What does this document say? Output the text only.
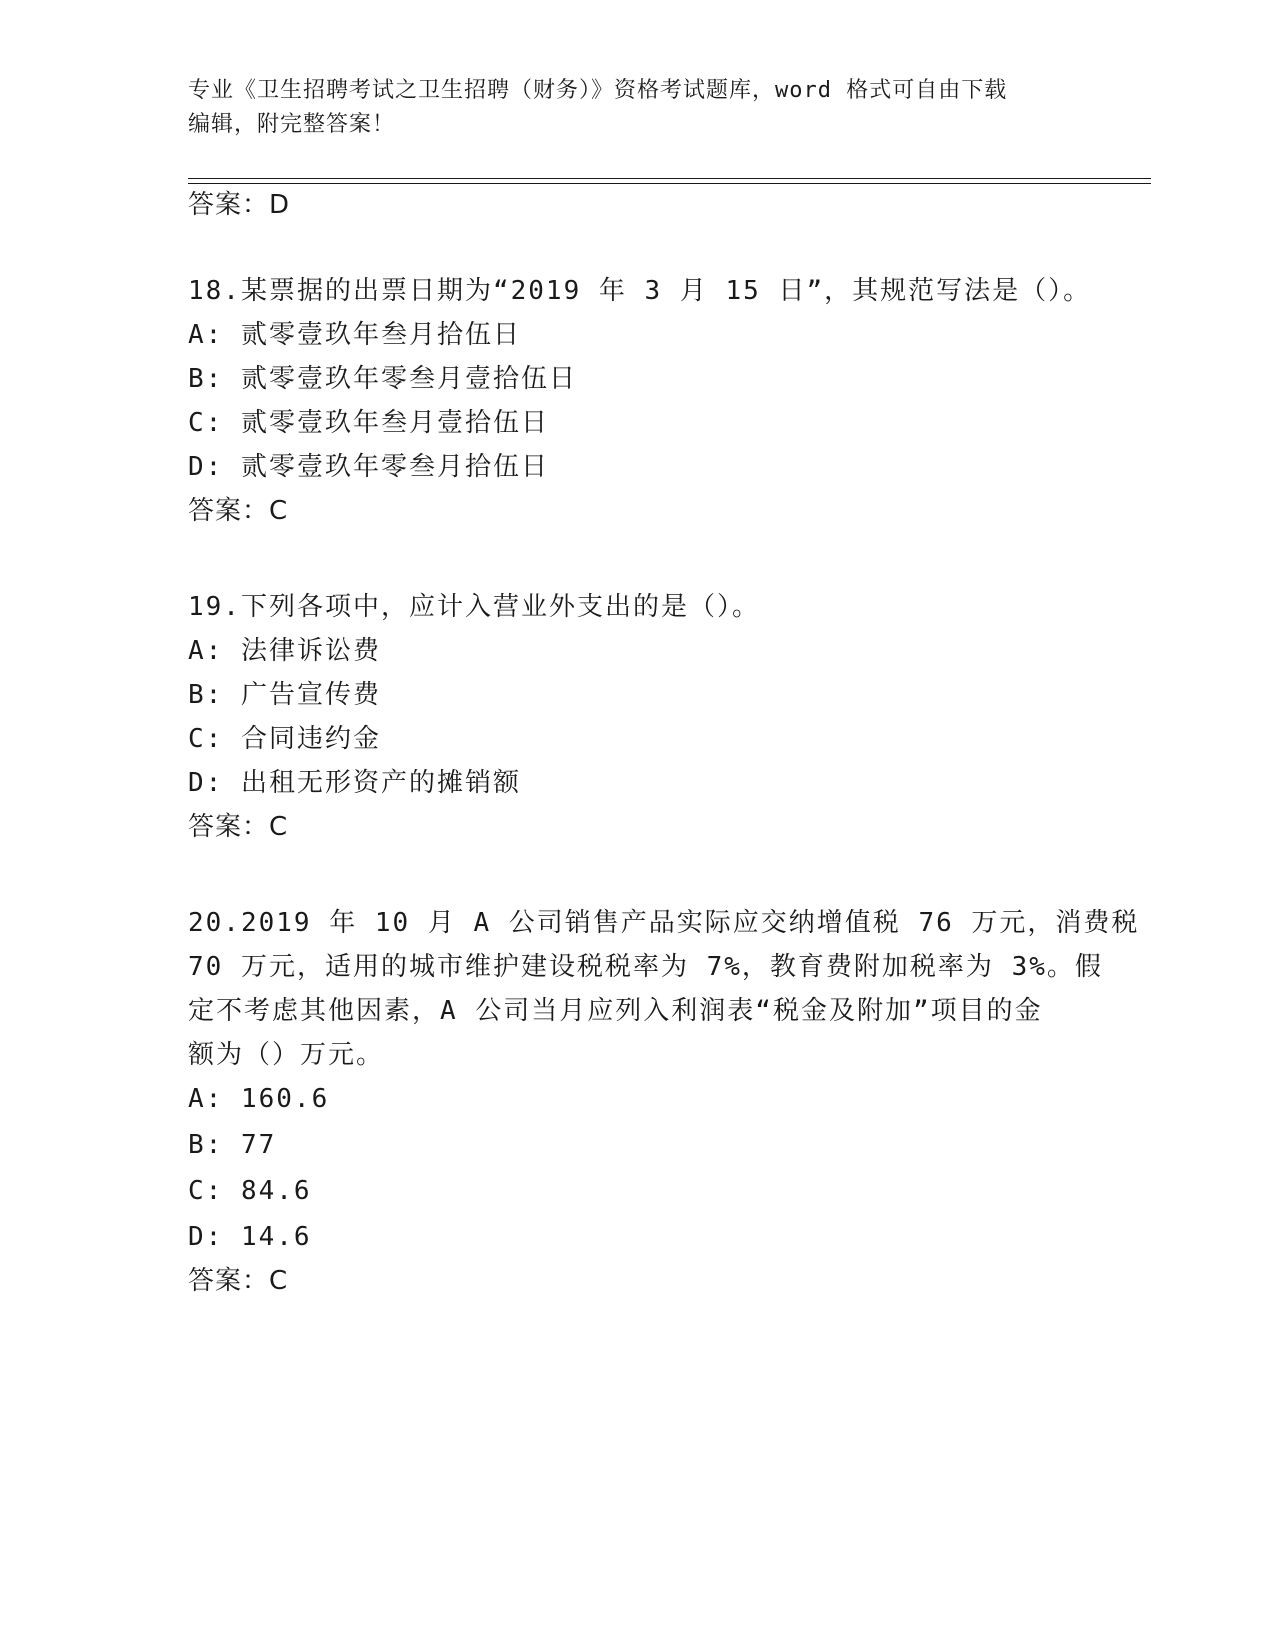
专业《卫生招聘考试之卫生招聘（财务）》资格考试题库，word 格式可自由下载
编辑，附完整答案！
答案：D
18.某票据的出票日期为“2019 年 3 月 15 日”，其规范写法是（）。
A: 贰零壹玖年叁月拾伍日
B: 贰零壹玖年零叁月壹拾伍日
C: 贰零壹玖年叁月壹拾伍日
D: 贰零壹玖年零叁月拾伍日
答案：C
19.下列各项中，应计入营业外支出的是（）。
A: 法律诉讼费
B: 广告宣传费
C: 合同违约金
D: 出租无形资产的摊销额
答案：C
20.2019 年 10 月 A 公司销售产品实际应交纳增值税 76 万元，消费税
70 万元，适用的城市维护建设税税率为 7%，教育费附加税率为 3%。假
定不考虑其他因素，A 公司当月应列入利润表“税金及附加”项目的金
额为（）万元。
A: 160.6
B: 77
C: 84.6
D: 14.6
答案：C
